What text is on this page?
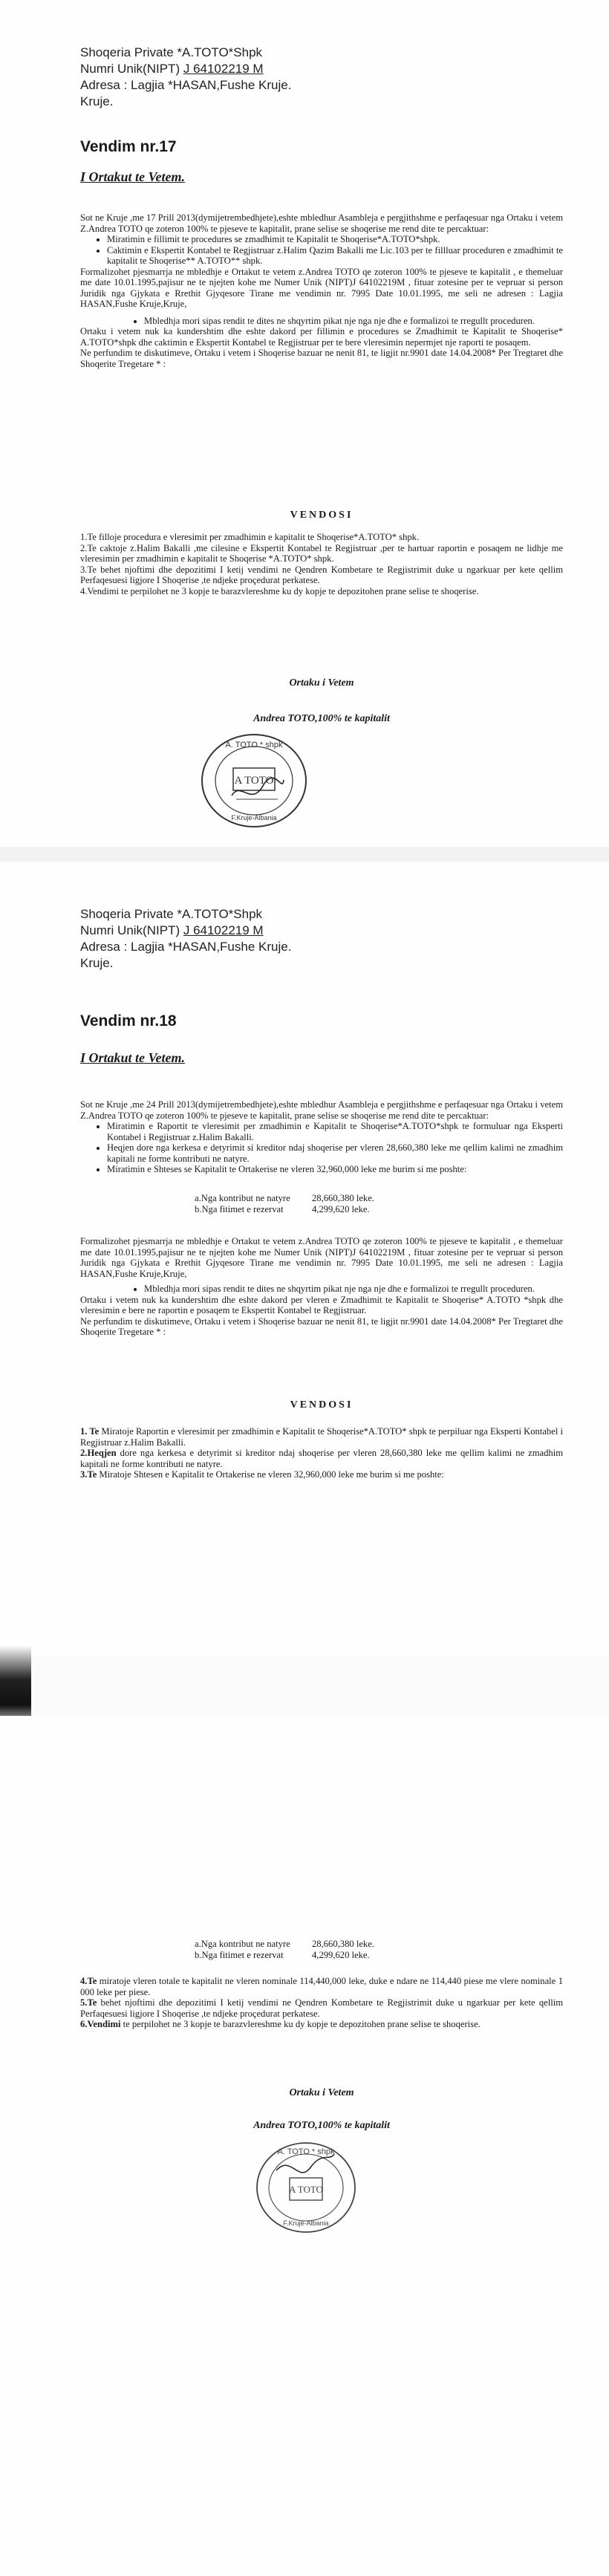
Shoqeria Private *A.TOTO*Shpk
Numri Unik(NIPT) J 64102219 M
Adresa : Lagjia *HASAN,Fushe Kruje.
Kruje.
Vendim nr.17
I Ortakut te Vetem.

Sot ne Kruje ,me 17 Prill 2013(dymijetrembedhjete),eshte mbledhur Asambleja e pergjithshme e perfaqesuar nga Ortaku i vetem Z.Andrea TOTO qe zoteron 100% te pjeseve te kapitalit, prane selise se shoqerise me rend dite te percaktuar:

• Miratimin e fillimit te procedures se zmadhimit te Kapitalit te Shoqerise*A.TOTO*shpk.
• Caktimin e Ekspertit Kontabel te Regjistruar z.Halim Qazim Bakalli me Lic.103 per te fillluar proceduren e zmadhimit te kapitalit te Shoqerise** A.TOTO** shpk.

Formalizohet pjesmarrja ne mbledhje e Ortakut te vetem z.Andrea TOTO qe zoteron 100% te pjeseve te kapitalit , e themeluar me date 10.01.1995,pajisur ne te njejten kohe me Numer Unik (NIPT)J 64102219M , fituar zotesine per te vepruar si person Juridik nga Gjykata e Rrethit Gjyqesore Tirane me vendimin nr. 7995 Date 10.01.1995, me seli ne adresen : Lagjia HASAN,Fushe Kruje,Kruje,

• Mbledhja mori sipas rendit te dites ne shqyrtim pikat nje nga nje dhe e formalizoi te rregullt proceduren.

Ortaku i vetem nuk ka kundershtim dhe eshte dakord per fillimin e procedures se Zmadhimit te Kapitalit te Shoqerise* A.TOTO*shpk dhe caktimin e Ekspertit Kontabel te Regjistruar per te bere vleresimin nepermjet nje raporti te posaqem.

Ne perfundim te diskutimeve, Ortaku i vetem i Shoqerise bazuar ne nenit 81, te ligjit nr.9901 date 14.04.2008* Per Tregtaret dhe Shoqerite Tregetare * :

VENDOSI

1.Te filloje procedura e vleresimit per zmadhimin e kapitalit te Shoqerise*A.TOTO* shpk.

2.Te caktoje z.Halim Bakalli ,me cilesine e Ekspertit Kontabel te Regjistruar ,per te hartuar raportin e posaqem ne lidhje me vleresimin per zmadhimin e kapitalit te Shoqerise *A.TOTO* shpk.

3.Te behet njoftimi dhe depozitimi I ketij vendimi ne Qendren Kombetare te Regjistrimit duke u ngarkuar per kete qellim Perfaqesuesi ligjore I Shoqerise ,te ndjeke proçedurat perkatese.

4.Vendimi te perpilohet ne 3 kopje te barazvlereshme ku dy kopje te depozitohen prane selise te shoqerise.

Ortaku i Vetem
Andrea TOTO,100% te kapitalit
A TOTO
A. TOTO * shpk
F.Kruje-Albania
Shoqeria Private *A.TOTO*Shpk
Numri Unik(NIPT) J 64102219 M
Adresa : Lagjia *HASAN,Fushe Kruje.
Kruje.
Vendim nr.18
I Ortakut te Vetem.

Sot ne Kruje ,me 24 Prill 2013(dymijetrembedhjete),eshte mbledhur Asambleja e pergjithshme e perfaqesuar nga Ortaku i vetem Z.Andrea TOTO qe zoteron 100% te pjeseve te kapitalit, prane selise se shoqerise me rend dite te percaktuar:

• Miratimin e Raportit te vleresimit per zmadhimin e Kapitalit te Shoqerise*A.TOTO*shpk te formuluar nga Eksperti Kontabel i Regjistruar z.Halim Bakalli.
• Heqjen dore nga kerkesa e detyrimit si kreditor ndaj shoqerise per vleren 28,660,380 leke me qellim kalimi ne zmadhim kapitali ne forme kontributi ne natyre.
• Miratimin e Shteses se Kapitalit te Ortakerise ne vleren 32,960,000 leke me burim si me poshte:
a.Nga kontribut ne natyre 28,660,380 leke.
b.Nga fitimet e rezervat	4,299,620 leke.

Formalizohet pjesmarrja ne mbledhje e Ortakut te vetem z.Andrea TOTO qe zoteron 100% te pjeseve te kapitalit , e themeluar me date 10.01.1995,pajisur ne te njejten kohe me Numer Unik (NIPT)J 64102219M , fituar zotesine per te vepruar si person Juridik nga Gjykata e Rrethit Gjyqesore Tirane me vendimin nr. 7995 Date 10.01.1995, me seli ne adresen : Lagjia HASAN,Fushe Kruje,Kruje,

• Mbledhja mori sipas rendit te dites ne shqyrtim pikat nje nga nje dhe e formalizoi te rregullt proceduren.

Ortaku i vetem nuk ka kundershtim dhe eshte dakord per vleren e Zmadhimit te Kapitalit te Shoqerise* A.TOTO *shpk dhe vleresimin e bere ne raportin e posaqem te Ekspertit Kontabel te Regjistruar.

Ne perfundim te diskutimeve, Ortaku i vetem i Shoqerise bazuar ne nenit 81, te ligjit nr.9901 date 14.04.2008* Per Tregtaret dhe Shoqerite Tregetare * :

VENDOSI

1. Te Miratoje Raportin e vleresimit per zmadhimin e Kapitalit te Shoqerise*A.TOTO* shpk te perpiluar nga Eksperti Kontabel i Regjistruar z.Halim Bakalli.

2.Heqjen dore nga kerkesa e detyrimit si kreditor ndaj shoqerise per vleren 28,660,380 leke me qellim kalimi ne zmadhim kapitali ne forme kontributi ne natyre.

3.Te Miratoje Shtesen e Kapitalit te Ortakerise ne vleren 32,960,000 leke me burim si me poshte:

a.Nga kontribut ne natyre 28,660,380 leke.
b.Nga fitimet e rezervat	4,299,620 leke.

4.Te miratoje vleren totale te kapitalit ne vleren nominale 114,440,000 leke, duke e ndare ne 114,440 piese me vlere nominale 1 000 leke per piese.

5.Te behet njoftimi dhe depozitimi I ketij vendimi ne Qendren Kombetare te Regjistrimit duke u ngarkuar per kete qellim Perfaqesuesi ligjore I Shoqerise ,te ndjeke proçedurat perkatese.

6.Vendimi te perpilohet ne 3 kopje te barazvlereshme ku dy kopje te depozitohen prane selise te shoqerise.

Ortaku i Vetem
Andrea TOTO,100% te kapitalit
A TOTO
A. TOTO * shpk
F.Kruje-Albania
